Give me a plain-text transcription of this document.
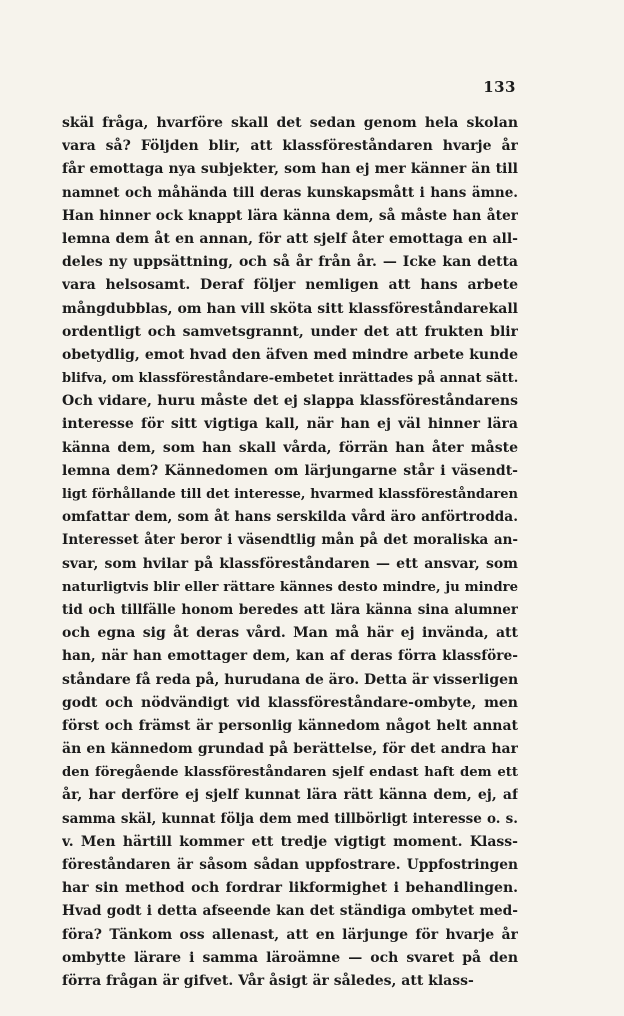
133
skäl fråga, hvarföre skall det sedan genom hela skolan
vara så? Följden blir, att klassföreståndaren hvarje år
får emottaga nya subjekter, som han ej mer känner än till
namnet och måhända till deras kunskapsmått i hans ämne.
Han hinner ock knappt lära känna dem, så måste han åter
lemna dem åt en annan, för att sjelf åter emottaga en all-
deles ny uppsättning, och så år från år. — Icke kan detta
vara helsosamt. Deraf följer nemligen att hans arbete
mångdubblas, om han vill sköta sitt klassföreståndarekall
ordentligt och samvetsgrannt, under det att frukten blir
obetydlig, emot hvad den äfven med mindre arbete kunde
blifva, om klassföreståndare-embetet inrättades på annat sätt.
Och vidare, huru måste det ej slappa klassföreståndarens
interesse för sitt vigtiga kall, när han ej väl hinner lära
känna dem, som han skall vårda, förrän han åter måste
lemna dem? Kännedomen om lärjungarne står i väsendt-
ligt förhållande till det interesse, hvarmed klassföreståndaren
omfattar dem, som åt hans serskilda vård äro anförtrodda.
Interesset åter beror i väsendtlig mån på det moraliska an-
svar, som hvilar på klassföreståndaren — ett ansvar, som
naturligtvis blir eller rättare kännes desto mindre, ju mindre
tid och tillfälle honom beredes att lära känna sina alumner
och egna sig åt deras vård. Man må här ej invända, att
han, när han emottager dem, kan af deras förra klassföre-
ståndare få reda på, hurudana de äro. Detta är visserligen
godt och nödvändigt vid klassföreståndare-ombyte, men
först och främst är personlig kännedom något helt annat
än en kännedom grundad på berättelse, för det andra har
den föregående klassföreståndaren sjelf endast haft dem ett
år, har derföre ej sjelf kunnat lära rätt känna dem, ej, af
samma skäl, kunnat följa dem med tillbörligt interesse o. s.
v. Men härtill kommer ett tredje vigtigt moment. Klass-
föreståndaren är såsom sådan uppfostrare. Uppfostringen
har sin method och fordrar likformighet i behandlingen.
Hvad godt i detta afseende kan det ständiga ombytet med-
föra? Tänkom oss allenast, att en lärjunge för hvarje år
ombytte lärare i samma läroämne — och svaret på den
förra frågan är gifvet. Vår åsigt är således, att klass-
